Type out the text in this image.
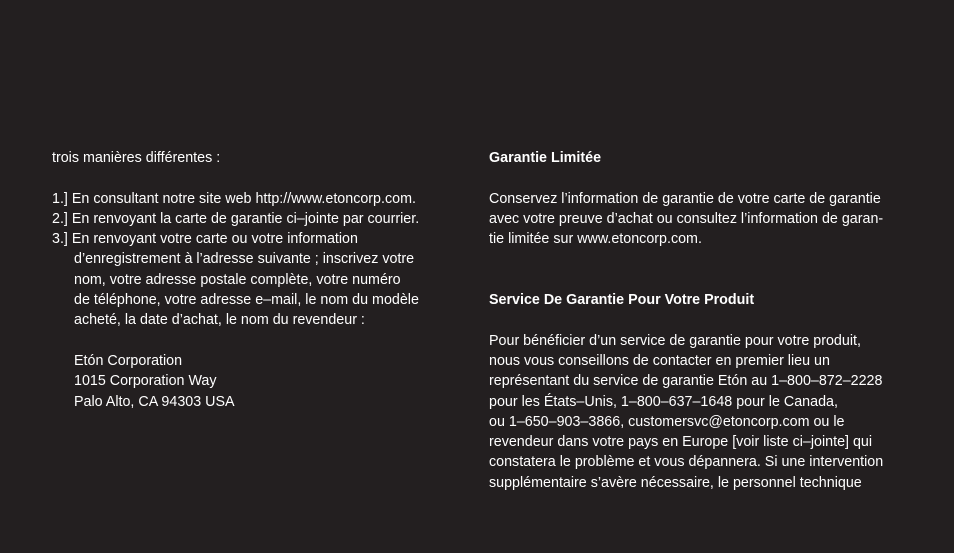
trois manières différentes :
1.] En consultant notre site web http://www.etoncorp.com.
2.] En renvoyant la carte de garantie ci–jointe par courrier.
3.] En renvoyant votre carte ou votre information
d’enregistrement à l’adresse suivante ; inscrivez votre
nom, votre adresse postale complète, votre numéro
de téléphone, votre adresse e–mail, le nom du modèle
acheté, la date d’achat, le nom du revendeur :
Etón Corporation
1015 Corporation Way
Palo Alto, CA 94303 USA
Garantie Limitée
Conservez l’information de garantie de votre carte de garantie
avec votre preuve d’achat ou consultez l’information de garan-
tie limitée sur www.etoncorp.com.
Service De Garantie Pour Votre Produit
Pour bénéficier d’un service de garantie pour votre produit,
nous vous conseillons de contacter en premier lieu un
représentant du service de garantie Etón au 1–800–872–2228
pour les États–Unis, 1–800–637–1648 pour le Canada,
ou 1–650–903–3866, customersvc@etoncorp.com ou le
revendeur dans votre pays en Europe [voir liste ci–jointe] qui
constatera le problème et vous dépannera. Si une intervention
supplémentaire s’avère nécessaire, le personnel technique
